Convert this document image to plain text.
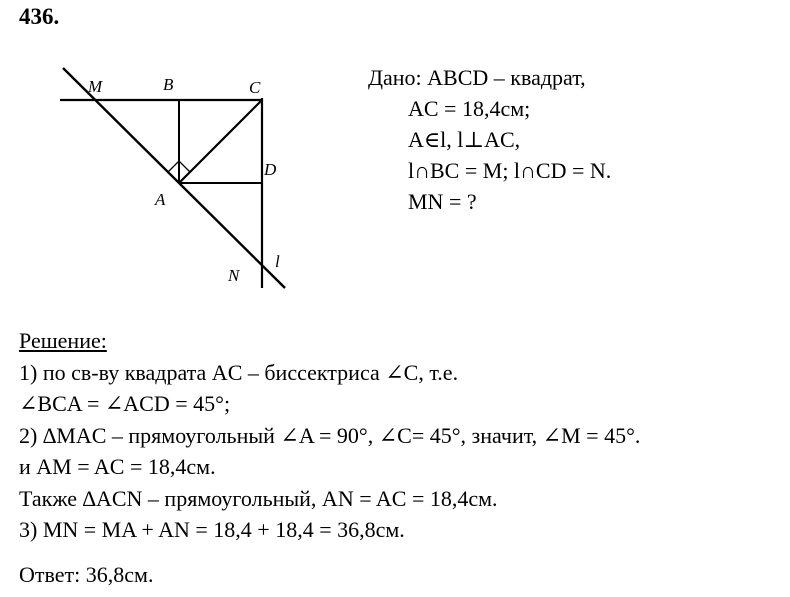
436.
M	B	C
D
A
N
l
Дано: ABCD – квадрат,
AC = 18,4см;
A∈l, l⊥AC,
l∩BC = M; l∩CD = N.
MN = ?
Решение:
1) по св-ву квадрата AC – биссектриса ∠C, т.е.
∠BCA = ∠ACD = 45°;
2) ∆MAC – прямоугольный ∠A = 90°, ∠C= 45°, значит, ∠M = 45°.
и AM = AC = 18,4см.
Также ∆ACN – прямоугольный, AN = AC = 18,4см.
3) MN = MA + AN = 18,4 + 18,4 = 36,8см.
Ответ: 36,8см.
